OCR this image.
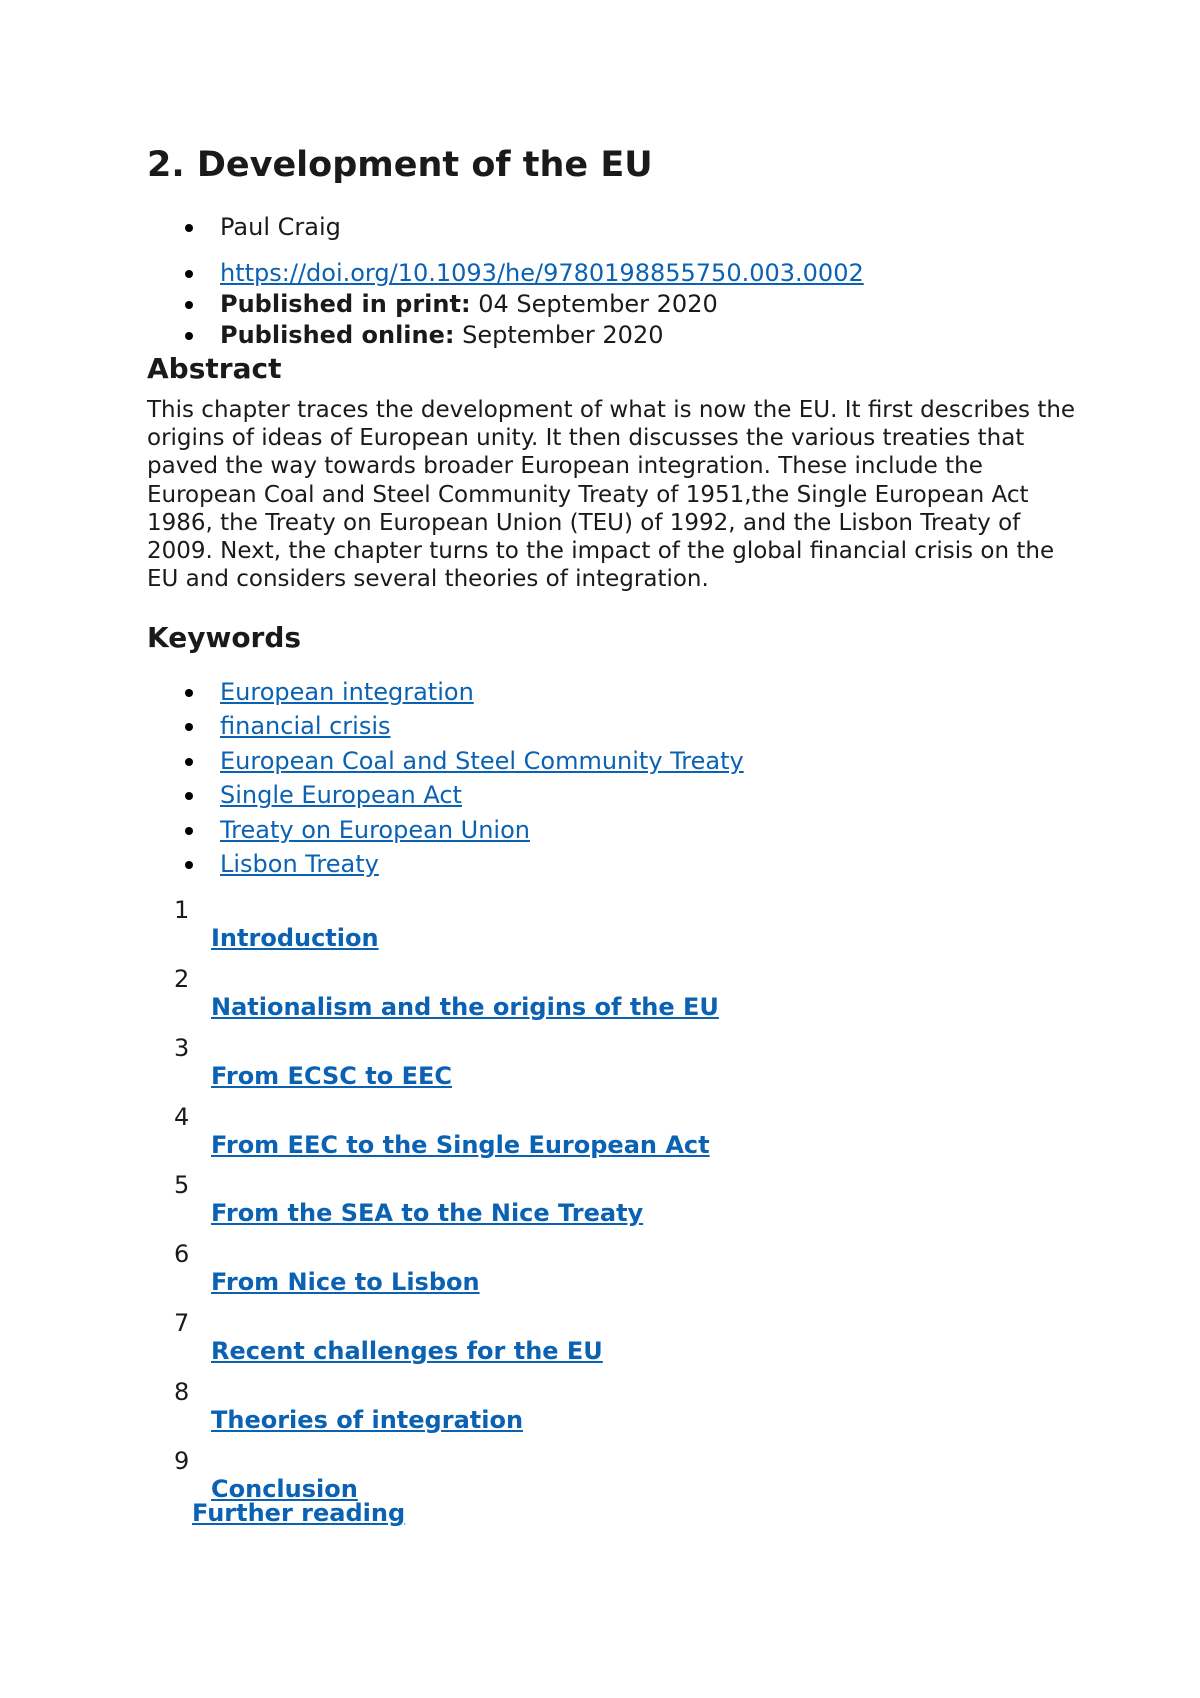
2. Development of the EU
Paul Craig
https://doi.org/10.1093/he/9780198855750.003.0002
Published in print: 04 September 2020
Published online: September 2020
Abstract

This chapter traces the development of what is now the EU. It first describes the origins of ideas of European unity. It then discusses the various treaties that paved the way towards broader European integration. These include the European Coal and Steel Community Treaty of 1951,the Single European Act 1986, the Treaty on European Union (TEU) of 1992, and the Lisbon Treaty of 2009. Next, the chapter turns to the impact of the global financial crisis on the EU and considers several theories of integration.

Keywords
European integration
financial crisis
European Coal and Steel Community Treaty
Single European Act
Treaty on European Union
Lisbon Treaty
1
Introduction
2
Nationalism and the origins of the EU
3
From ECSC to EEC
4
From EEC to the Single European Act
5
From the SEA to the Nice Treaty
6
From Nice to Lisbon
7
Recent challenges for the EU
8
Theories of integration
9
Conclusion
Further reading
